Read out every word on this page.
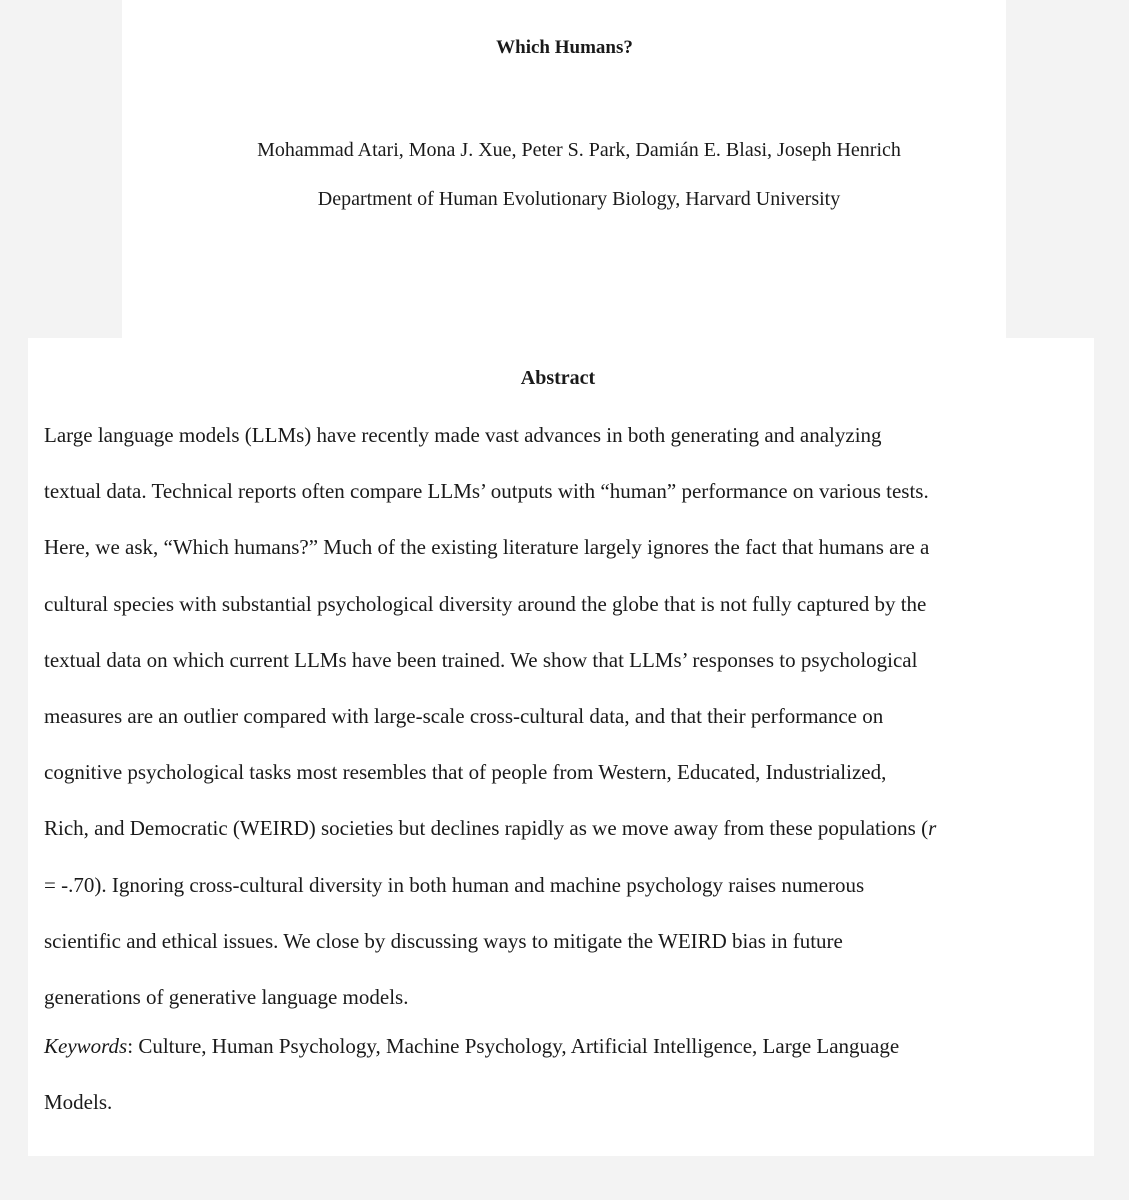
Which Humans?
Mohammad Atari, Mona J. Xue, Peter S. Park, Damián E. Blasi, Joseph Henrich
Department of Human Evolutionary Biology, Harvard University
Abstract
Large language models (LLMs) have recently made vast advances in both generating and analyzing
textual data. Technical reports often compare LLMs’ outputs with “human” performance on various tests.
Here, we ask, “Which humans?” Much of the existing literature largely ignores the fact that humans are a
cultural species with substantial psychological diversity around the globe that is not fully captured by the
textual data on which current LLMs have been trained. We show that LLMs’ responses to psychological
measures are an outlier compared with large-scale cross-cultural data, and that their performance on
cognitive psychological tasks most resembles that of people from Western, Educated, Industrialized,
Rich, and Democratic (WEIRD) societies but declines rapidly as we move away from these populations (r
= -.70). Ignoring cross-cultural diversity in both human and machine psychology raises numerous
scientific and ethical issues. We close by discussing ways to mitigate the WEIRD bias in future
generations of generative language models.
Keywords: Culture, Human Psychology, Machine Psychology, Artificial Intelligence, Large Language
Models.
